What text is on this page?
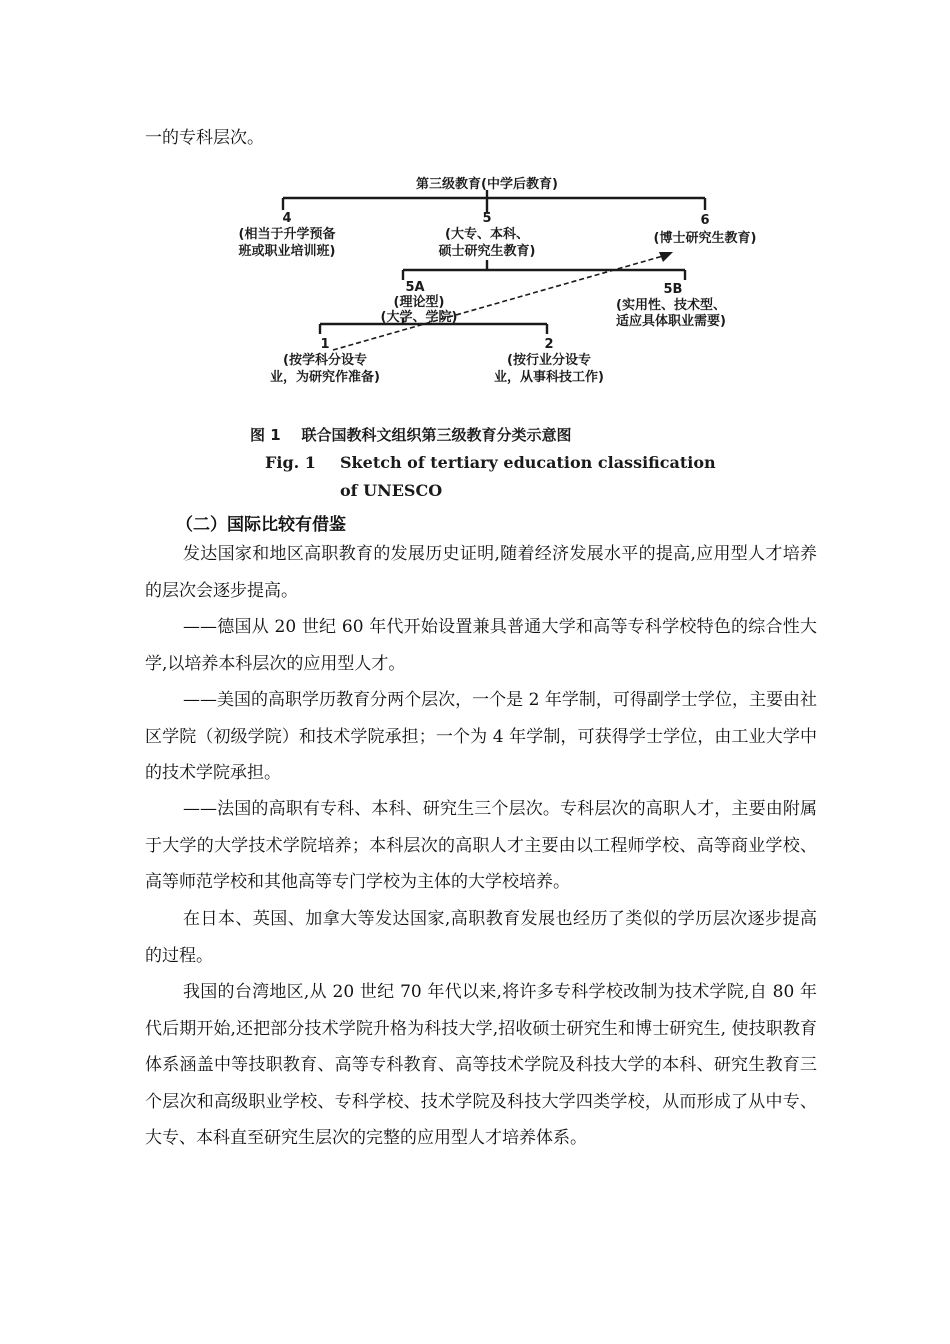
一的专科层次。

第三级教育(中学后教育)
4
(相当于升学预备
班或职业培训班)
5
(大专、本科、
硕士研究生教育)
6
(博士研究生教育)
5A
(理论型)
(大学、学院)
5B
(实用性、技术型、
适应具体职业需要)
1
(按学科分设专
业，为研究作准备)
2
(按行业分设专
业，从事科技工作)

图 1    联合国教科文组织第三级教育分类示意图

Fig. 1 Sketch of tertiary education classification

of UNESCO

（二）国际比较有借鉴

发达国家和地区高职教育的发展历史证明,随着经济发展水平的提高,应用型人才培养的层次会逐步提高。

——德国从 20 世纪 60 年代开始设置兼具普通大学和高等专科学校特色的综合性大学,以培养本科层次的应用型人才。

——美国的高职学历教育分两个层次，一个是 2 年学制，可得副学士学位，主要由社区学院（初级学院）和技术学院承担；一个为 4 年学制，可获得学士学位，由工业大学中的技术学院承担。

——法国的高职有专科、本科、研究生三个层次。专科层次的高职人才，主要由附属于大学的大学技术学院培养；本科层次的高职人才主要由以工程师学校、高等商业学校、高等师范学校和其他高等专门学校为主体的大学校培养。

在日本、英国、加拿大等发达国家,高职教育发展也经历了类似的学历层次逐步提高的过程。

我国的台湾地区,从 20 世纪 70 年代以来,将许多专科学校改制为技术学院,自 80 年代后期开始,还把部分技术学院升格为科技大学,招收硕士研究生和博士研究生, 使技职教育体系涵盖中等技职教育、高等专科教育、高等技术学院及科技大学的本科、研究生教育三个层次和高级职业学校、专科学校、技术学院及科技大学四类学校，从而形成了从中专、大专、本科直至研究生层次的完整的应用型人才培养体系。
